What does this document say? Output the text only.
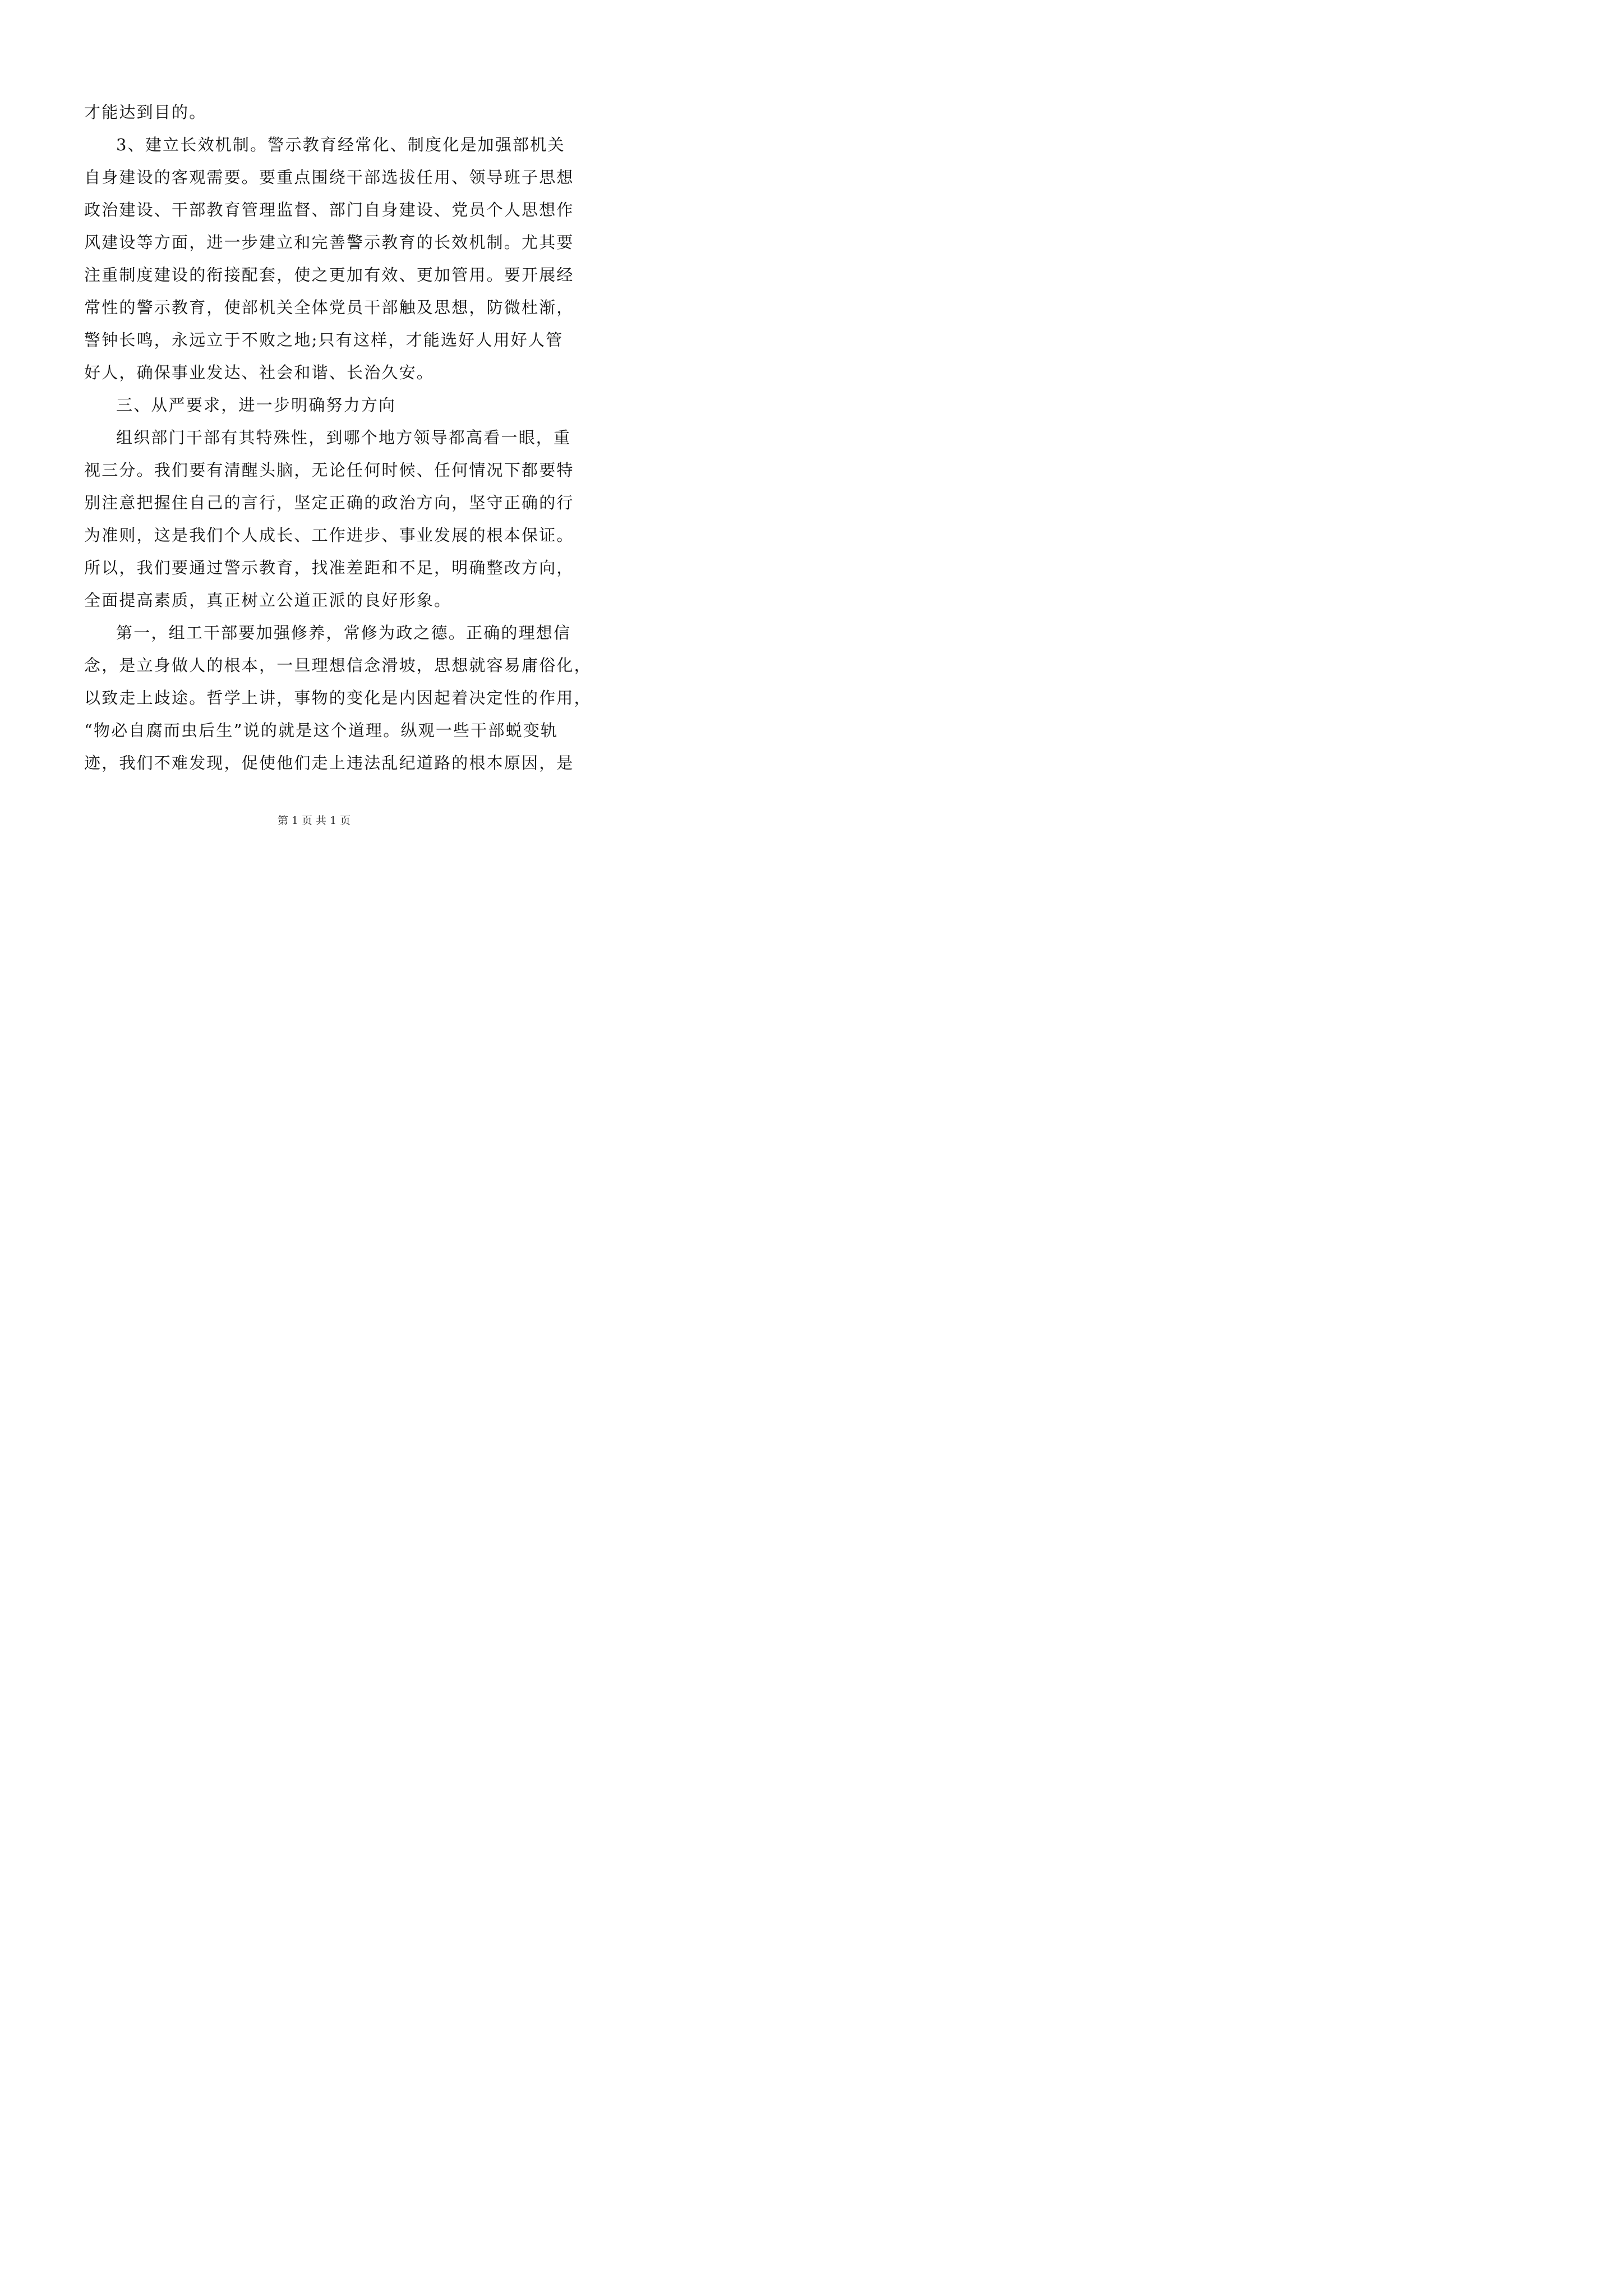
才能达到目的。
3、建立长效机制。警示教育经常化、制度化是加强部机关
自身建设的客观需要。要重点围绕干部选拔任用、领导班子思想
政治建设、干部教育管理监督、部门自身建设、党员个人思想作
风建设等方面，进一步建立和完善警示教育的长效机制。尤其要
注重制度建设的衔接配套，使之更加有效、更加管用。要开展经
常性的警示教育，使部机关全体党员干部触及思想，防微杜渐，
警钟长鸣，永远立于不败之地;只有这样，才能选好人用好人管
好人，确保事业发达、社会和谐、长治久安。
三、从严要求，进一步明确努力方向
组织部门干部有其特殊性，到哪个地方领导都高看一眼，重
视三分。我们要有清醒头脑，无论任何时候、任何情况下都要特
别注意把握住自己的言行，坚定正确的政治方向，坚守正确的行
为准则，这是我们个人成长、工作进步、事业发展的根本保证。
所以，我们要通过警示教育，找准差距和不足，明确整改方向，
全面提高素质，真正树立公道正派的良好形象。
第一，组工干部要加强修养，常修为政之德。正确的理想信
念，是立身做人的根本，一旦理想信念滑坡，思想就容易庸俗化，
以致走上歧途。哲学上讲，事物的变化是内因起着决定性的作用，
“物必自腐而虫后生”说的就是这个道理。纵观一些干部蜕变轨
迹，我们不难发现，促使他们走上违法乱纪道路的根本原因，是
第 1 页 共 1 页
